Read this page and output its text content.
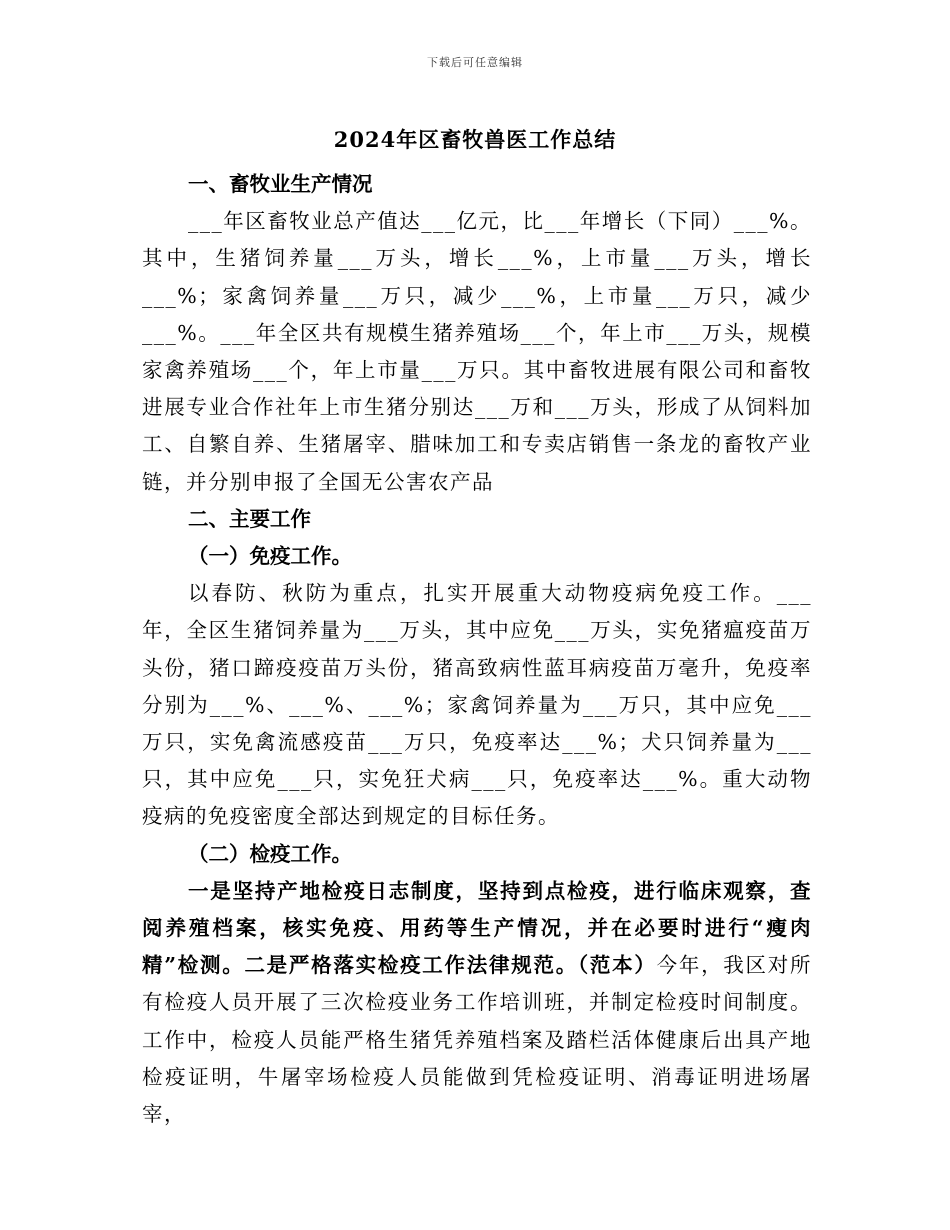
下载后可任意编辑
2024年区畜牧兽医工作总结

一、畜牧业生产情况

___年区畜牧业总产值达___亿元，比___年增长（下同）___%。其中，生猪饲养量___万头，增长___%，上市量___万头，增长___%；家禽饲养量___万只，减少___%，上市量___万只，减少___%。___年全区共有规模生猪养殖场___个，年上市___万头，规模家禽养殖场___个，年上市量___万只。其中畜牧进展有限公司和畜牧进展专业合作社年上市生猪分别达___万和___万头，形成了从饲料加工、自繁自养、生猪屠宰、腊味加工和专卖店销售一条龙的畜牧产业链，并分别申报了全国无公害农产品

二、主要工作

（一）免疫工作。

以春防、秋防为重点，扎实开展重大动物疫病免疫工作。___年，全区生猪饲养量为___万头，其中应免___万头，实免猪瘟疫苗万头份，猪口蹄疫疫苗万头份，猪高致病性蓝耳病疫苗万毫升，免疫率分别为___%、___%、___%；家禽饲养量为___万只，其中应免___万只，实免禽流感疫苗___万只，免疫率达___%；犬只饲养量为___只，其中应免___只，实免狂犬病___只，免疫率达___%。重大动物疫病的免疫密度全部达到规定的目标任务。

（二）检疫工作。

一是坚持产地检疫日志制度，坚持到点检疫，进行临床观察，查阅养殖档案，核实免疫、用药等生产情况，并在必要时进行“瘦肉精”检测。二是严格落实检疫工作法律规范。（范本）今年，我区对所有检疫人员开展了三次检疫业务工作培训班，并制定检疫时间制度。工作中，检疫人员能严格生猪凭养殖档案及踏栏活体健康后出具产地检疫证明，牛屠宰场检疫人员能做到凭检疫证明、消毒证明进场屠宰，
